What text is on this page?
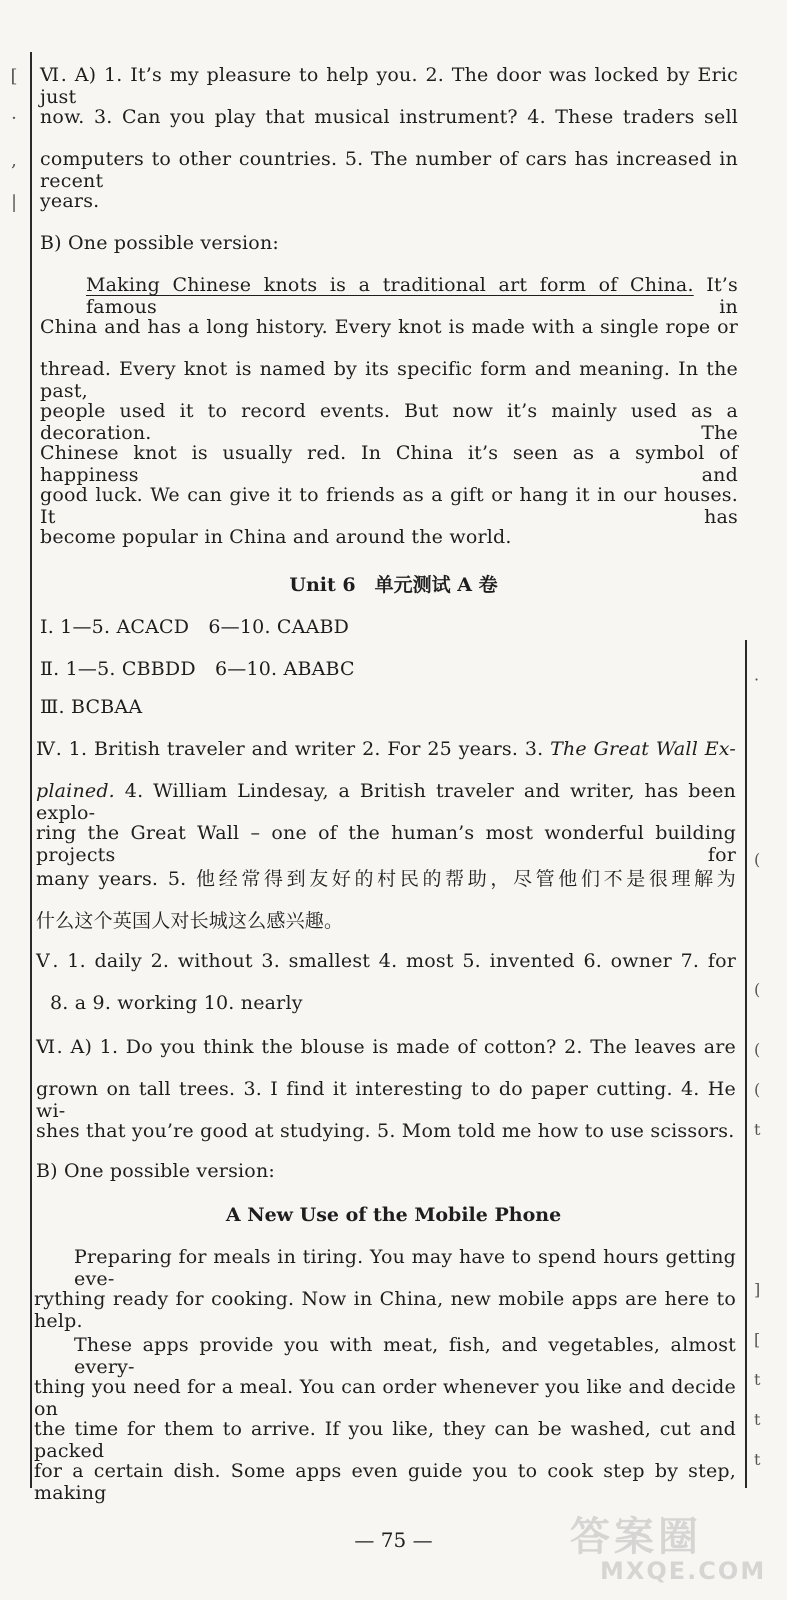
[
·
,
|
·
(
(
(
(
t
]
[
t
t
t
Ⅵ. A) 1. It’s my pleasure to help you. 2. The door was locked by Eric just
now. 3. Can you play that musical instrument? 4. These traders sell
computers to other countries. 5. The number of cars has increased in recent
years.
B) One possible version:
Making Chinese knots is a traditional art form of China. It’s famous in
China and has a long history. Every knot is made with a single rope or
thread. Every knot is named by its specific form and meaning. In the past,
people used it to record events. But now it’s mainly used as a decoration. The
Chinese knot is usually red. In China it’s seen as a symbol of happiness and
good luck. We can give it to friends as a gift or hang it in our houses. It has
become popular in China and around the world.
Unit 6　单元测试 A 卷
Ⅰ. 1—5. ACACD　6—10. CAABD
Ⅱ. 1—5. CBBDD　6—10. ABABC
Ⅲ. BCBAA
Ⅳ. 1. British traveler and writer 2. For 25 years. 3. The Great Wall Ex-
plained. 4. William Lindesay, a British traveler and writer, has been explo-
ring the Great Wall – one of the human’s most wonderful building projects for
many years. 5. 他经常得到友好的村民的帮助，尽管他们不是很理解为
什么这个英国人对长城这么感兴趣。
Ⅴ. 1. daily 2. without 3. smallest 4. most 5. invented 6. owner 7. for
8. a 9. working 10. nearly
Ⅵ. A) 1. Do you think the blouse is made of cotton? 2. The leaves are
grown on tall trees. 3. I find it interesting to do paper cutting. 4. He wi-
shes that you’re good at studying. 5. Mom told me how to use scissors.
B) One possible version:
A New Use of the Mobile Phone
Preparing for meals in tiring. You may have to spend hours getting eve-
rything ready for cooking. Now in China, new mobile apps are here to help.
These apps provide you with meat, fish, and vegetables, almost every-
thing you need for a meal. You can order whenever you like and decide on
the time for them to arrive. If you like, they can be washed, cut and packed
for a certain dish. Some apps even guide you to cook step by step, making
— 75 —	答案圈
MXQE.COM
